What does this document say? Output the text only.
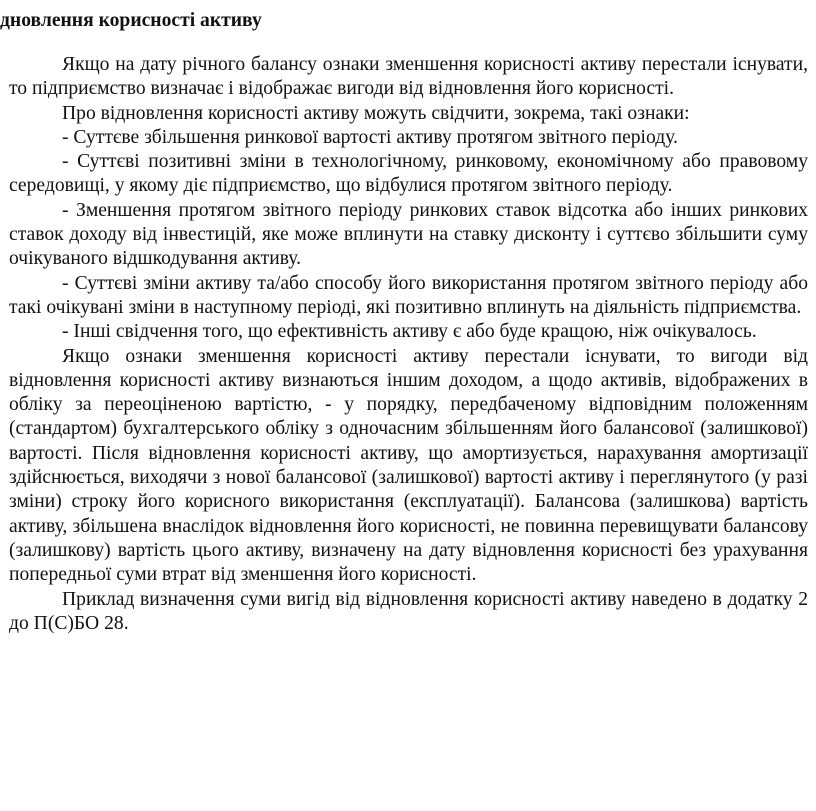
дновлення корисності активу

Якщо на дату річного балансу ознаки зменшення корисності активу перестали існувати, то підприємство визначає і відображає вигоди від відновлення його корисності.

Про відновлення корисності активу можуть свідчити, зокрема, такі ознаки:

- Суттєве збільшення ринкової вартості активу протягом звітного періоду.

- Суттєві позитивні зміни в технологічному, ринковому, економічному або правовому середовищі, у якому діє підприємство, що відбулися протягом звітного періоду.

- Зменшення протягом звітного періоду ринкових ставок відсотка або інших ринкових ставок доходу від інвестицій, яке може вплинути на ставку дисконту і суттєво збільшити суму очікуваного відшкодування активу.

- Суттєві зміни активу та/або способу його використання протягом звітного періоду або такі очікувані зміни в наступному періоді, які позитивно вплинуть на діяльність підприємства.

- Інші свідчення того, що ефективність активу є або буде кращою, ніж очікувалось.

Якщо ознаки зменшення корисності активу перестали існувати, то вигоди від відновлення корисності активу визнаються іншим доходом, а щодо активів, відображених в обліку за переоціненою вартістю, - у порядку, передбаченому відповідним положенням (стандартом) бухгалтерського обліку з одночасним збільшенням його балансової (залишкової) вартості. Після відновлення корисності активу, що амортизується, нарахування амортизації здійснюється, виходячи з нової балансової (залишкової) вартості активу і переглянутого (у разі зміни) строку його корисного використання (експлуатації). Балансова (залишкова) вартість активу, збільшена внаслідок відновлення його корисності, не повинна перевищувати балансову (залишкову) вартість цього активу, визначену на дату відновлення корисності без урахування попередньої суми втрат від зменшення його корисності.

Приклад визначення суми вигід від відновлення корисності активу наведено в додатку 2 до П(С)БО 28.
